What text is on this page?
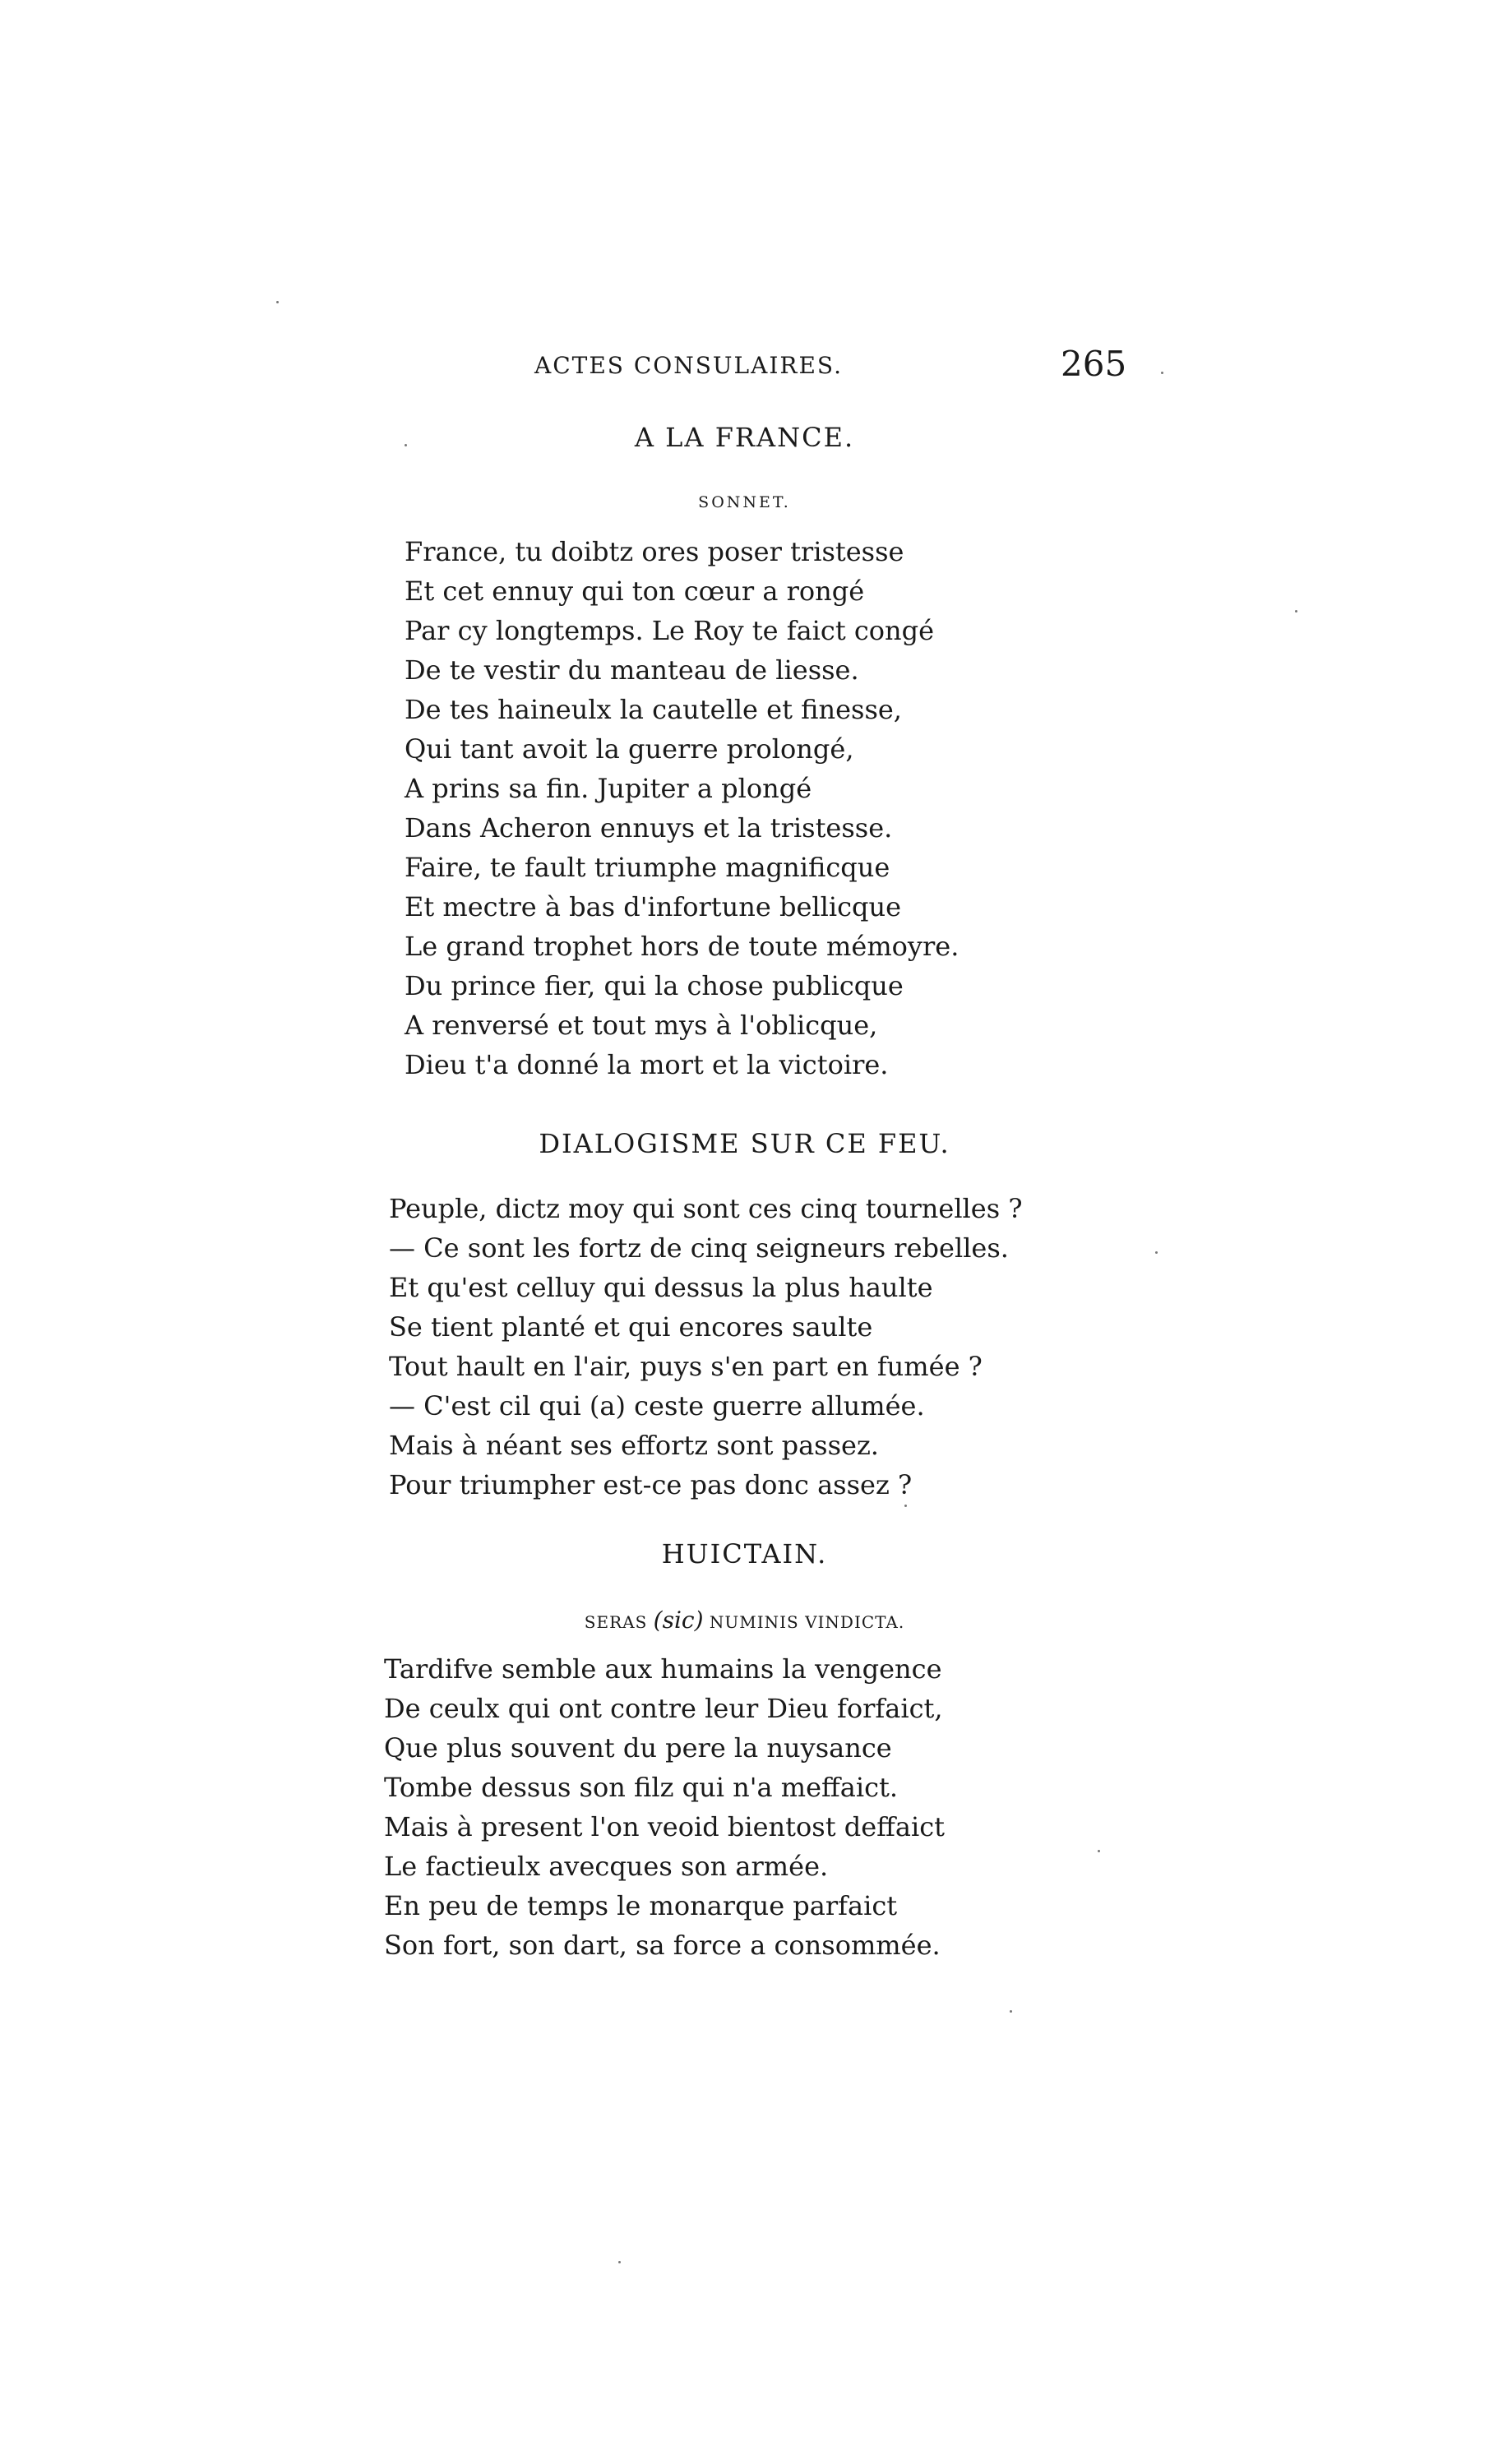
ACTES CONSULAIRES.	265
A LA FRANCE.
SONNET.
France, tu doibtz ores poser tristesse
Et cet ennuy qui ton cœur a rongé
Par cy longtemps. Le Roy te faict congé
De te vestir du manteau de liesse.
De tes haineulx la cautelle et finesse,
Qui tant avoit la guerre prolongé,
A prins sa fin. Jupiter a plongé
Dans Acheron ennuys et la tristesse.
Faire, te fault triumphe magnificque
Et mectre à bas d'infortune bellicque
Le grand trophet hors de toute mémoyre.
Du prince fier, qui la chose publicque
A renversé et tout mys à l'oblicque,
Dieu t'a donné la mort et la victoire.
DIALOGISME SUR CE FEU.
Peuple, dictz moy qui sont ces cinq tournelles ?
— Ce sont les fortz de cinq seigneurs rebelles.
Et qu'est celluy qui dessus la plus haulte
Se tient planté et qui encores saulte
Tout hault en l'air, puys s'en part en fumée ?
— C'est cil qui (a) ceste guerre allumée.
Mais à néant ses effortz sont passez.
Pour triumpher est-ce pas donc assez ?
HUICTAIN.
SERAS (sic) NUMINIS VINDICTA.
Tardifve semble aux humains la vengence
De ceulx qui ont contre leur Dieu forfaict,
Que plus souvent du pere la nuysance
Tombe dessus son filz qui n'a meffaict.
Mais à present l'on veoid bientost deffaict
Le factieulx avecques son armée.
En peu de temps le monarque parfaict
Son fort, son dart, sa force a consommée.
